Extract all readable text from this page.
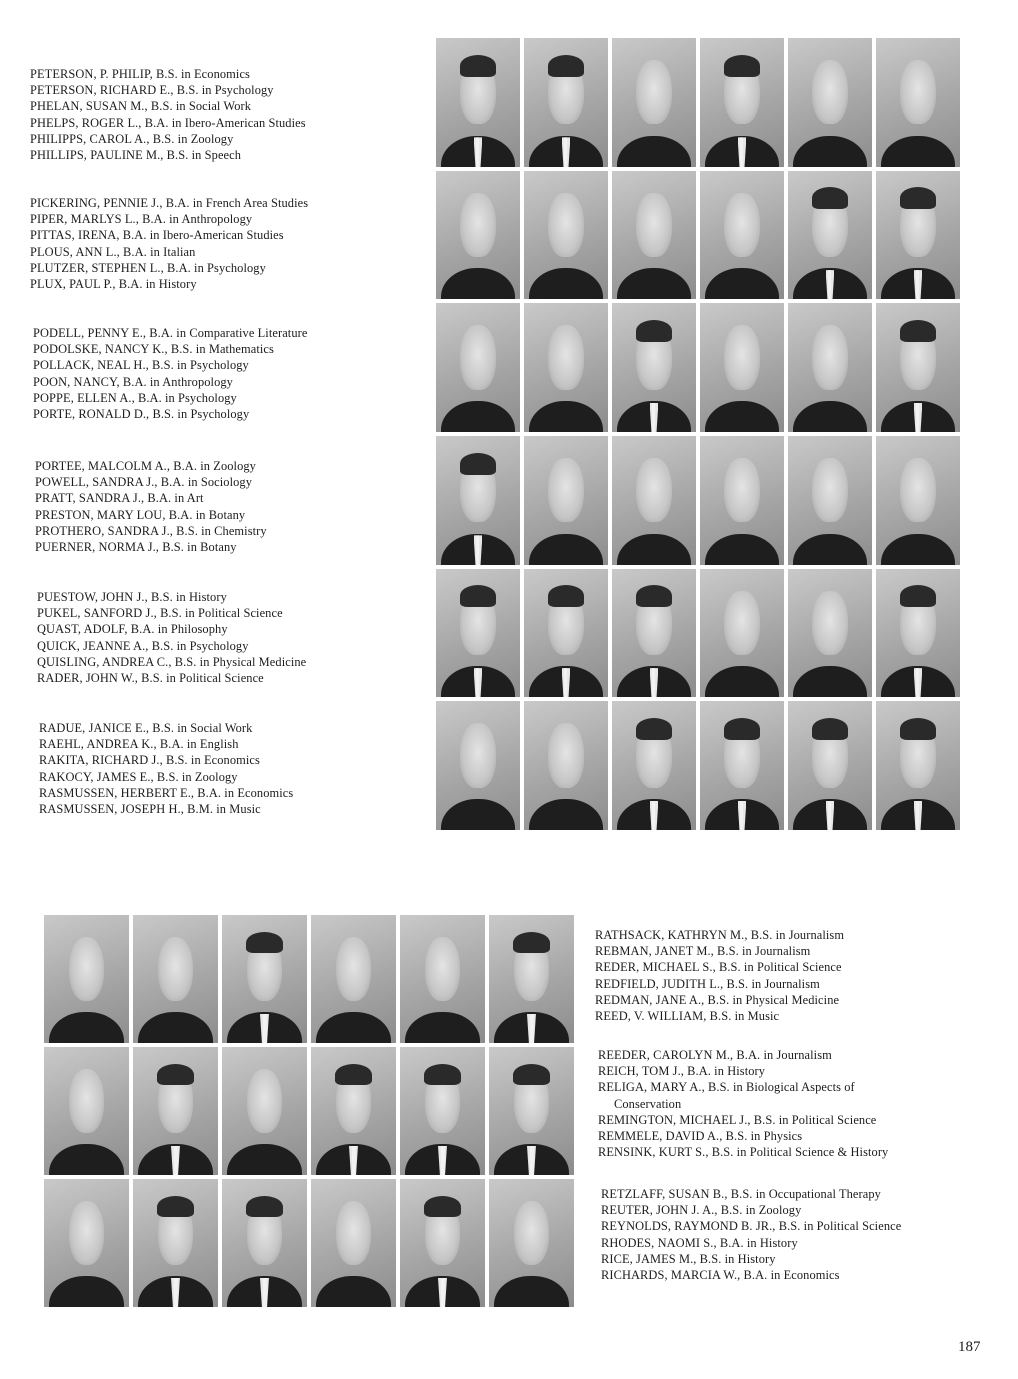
PETERSON, P. PHILIP, B.S. in Economics
PETERSON, RICHARD E., B.S. in Psychology
PHELAN, SUSAN M., B.S. in Social Work
PHELPS, ROGER L., B.A. in Ibero-American Studies
PHILIPPS, CAROL A., B.S. in Zoology
PHILLIPS, PAULINE M., B.S. in Speech
PICKERING, PENNIE J., B.A. in French Area Studies
PIPER, MARLYS L., B.A. in Anthropology
PITTAS, IRENA, B.A. in Ibero-American Studies
PLOUS, ANN L., B.A. in Italian
PLUTZER, STEPHEN L., B.A. in Psychology
PLUX, PAUL P., B.A. in History
PODELL, PENNY E., B.A. in Comparative Literature
PODOLSKE, NANCY K., B.S. in Mathematics
POLLACK, NEAL H., B.S. in Psychology
POON, NANCY, B.A. in Anthropology
POPPE, ELLEN A., B.A. in Psychology
PORTE, RONALD D., B.S. in Psychology
PORTEE, MALCOLM A., B.A. in Zoology
POWELL, SANDRA J., B.A. in Sociology
PRATT, SANDRA J., B.A. in Art
PRESTON, MARY LOU, B.A. in Botany
PROTHERO, SANDRA J., B.S. in Chemistry
PUERNER, NORMA J., B.S. in Botany
PUESTOW, JOHN J., B.S. in History
PUKEL, SANFORD J., B.S. in Political Science
QUAST, ADOLF, B.A. in Philosophy
QUICK, JEANNE A., B.S. in Psychology
QUISLING, ANDREA C., B.S. in Physical Medicine
RADER, JOHN W., B.S. in Political Science
RADUE, JANICE E., B.S. in Social Work
RAEHL, ANDREA K., B.A. in English
RAKITA, RICHARD J., B.S. in Economics
RAKOCY, JAMES E., B.S. in Zoology
RASMUSSEN, HERBERT E., B.A. in Economics
RASMUSSEN, JOSEPH H., B.M. in Music
RATHSACK, KATHRYN M., B.S. in Journalism
REBMAN, JANET M., B.S. in Journalism
REDER, MICHAEL S., B.S. in Political Science
REDFIELD, JUDITH L., B.S. in Journalism
REDMAN, JANE A., B.S. in Physical Medicine
REED, V. WILLIAM, B.S. in Music
REEDER, CAROLYN M., B.A. in Journalism
REICH, TOM J., B.A. in History
RELIGA, MARY A., B.S. in Biological Aspects of
Conservation
REMINGTON, MICHAEL J., B.S. in Political Science
REMMELE, DAVID A., B.S. in Physics
RENSINK, KURT S., B.S. in Political Science & History
RETZLAFF, SUSAN B., B.S. in Occupational Therapy
REUTER, JOHN J. A., B.S. in Zoology
REYNOLDS, RAYMOND B. JR., B.S. in Political Science
RHODES, NAOMI S., B.A. in History
RICE, JAMES M., B.S. in History
RICHARDS, MARCIA W., B.A. in Economics
187
